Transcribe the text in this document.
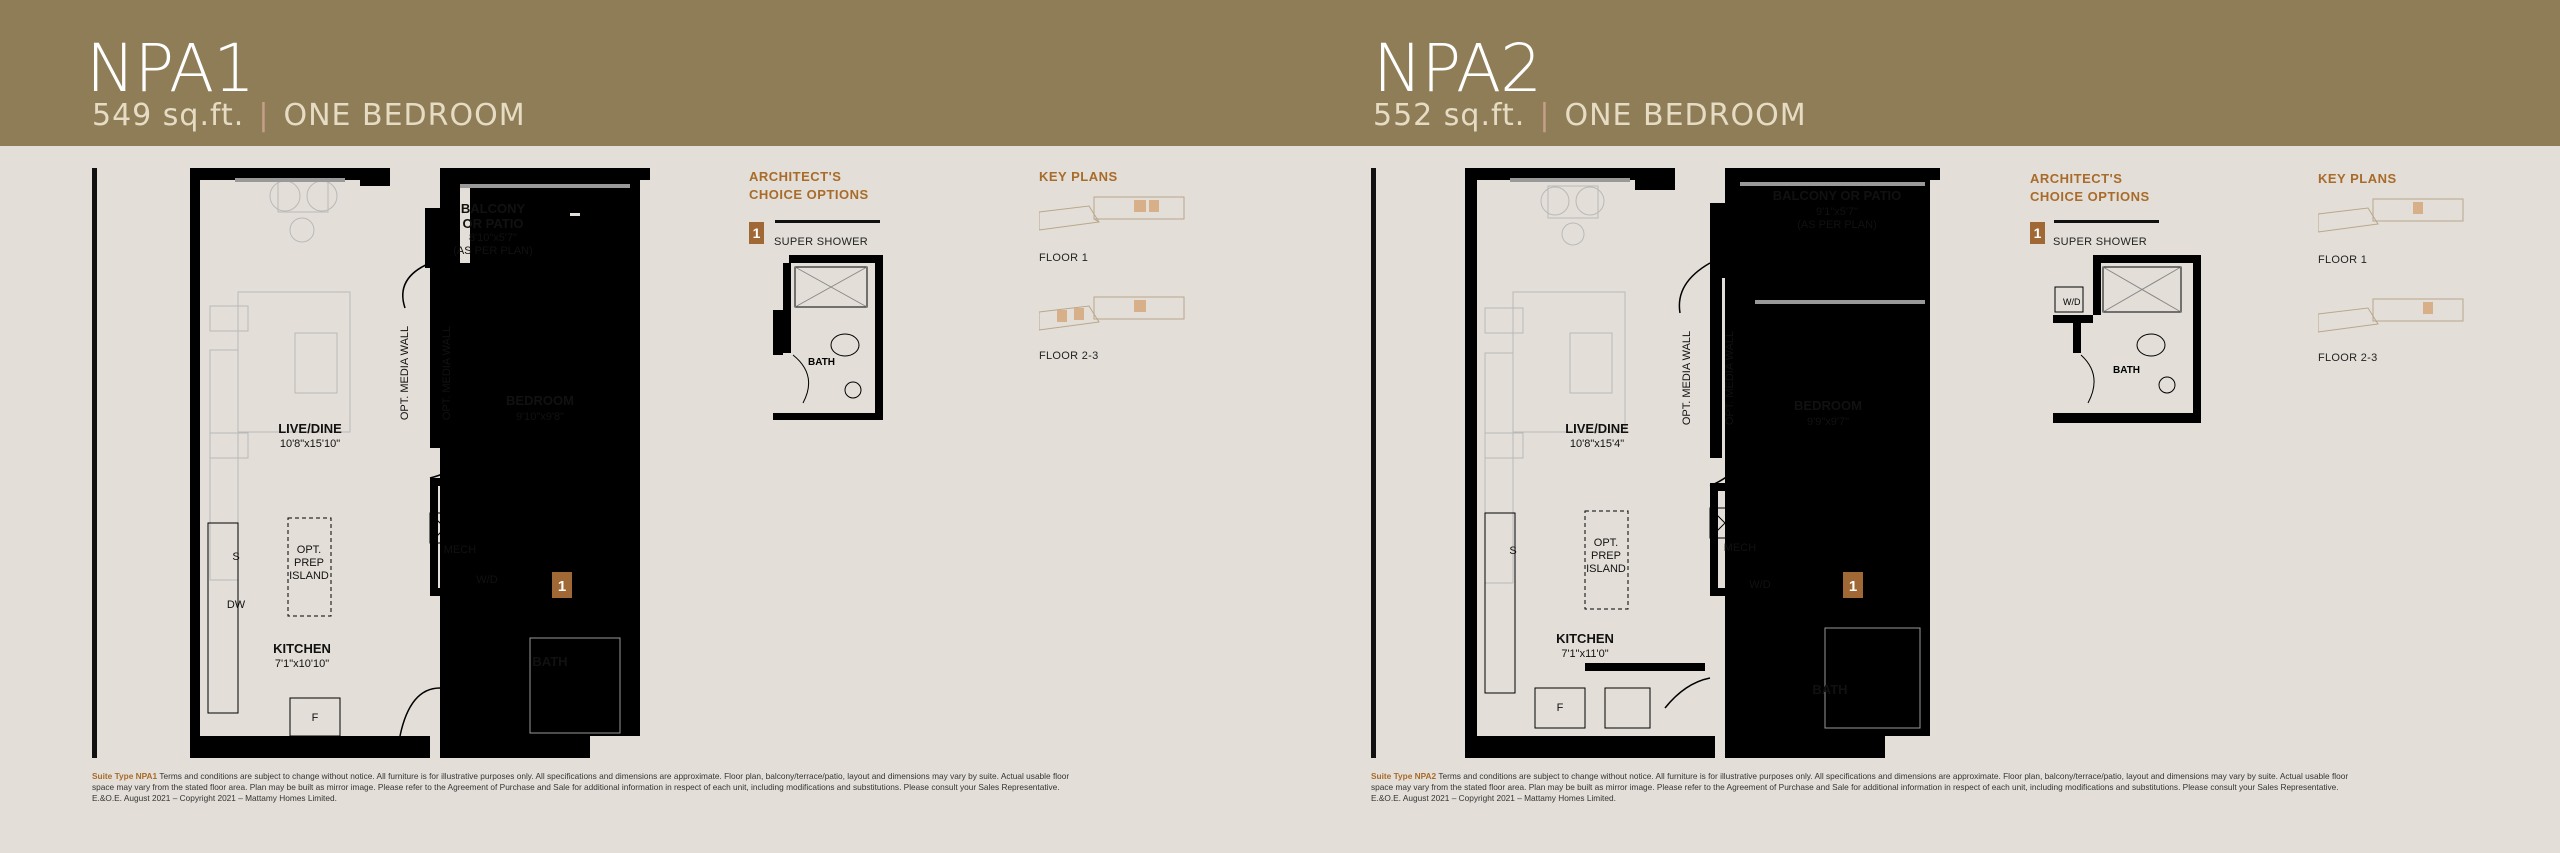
NPA1
549 sq.ft. | ONE BEDROOM
NPA2
552 sq.ft. | ONE BEDROOM
BALCONY
OR PATIO
BEDROOM
LIVE/DINE
KITCHEN
BATH
1
8'10"x5'7"
(AS PER PLAN)
9'10"x9'8"
10'8"x15'10"
7'1"x10'10"
OPT.
PREP
ISLAND
MECH
W/D
S
DW
F
OPT. MEDIA WALL	OPT. MEDIA WALL
BALCONY OR PATIO
BEDROOM
LIVE/DINE
KITCHEN
BATH
1
9'1"x5'7"
(AS PER PLAN)
9'9"x9'7"
10'8"x15'4"
7'1"x11'0"
OPT.
PREP
ISLAND
MECH
W/D
S
F
OPT. MEDIA WALL	OPT. MEDIA WALL
ARCHITECT'S
CHOICE OPTIONS
1
SUPER SHOWER
BATH
KEY PLANS
FLOOR 1
FLOOR 2-3
ARCHITECT'S
CHOICE OPTIONS
1
SUPER SHOWER
W/D
BATH
KEY PLANS
FLOOR 1
FLOOR 2-3
Suite Type NPA1 Terms and conditions are subject to change without notice. All furniture is for illustrative purposes only. All specifications and dimensions are approximate. Floor plan, balcony/terrace/patio, layout and dimensions may vary by suite. Actual usable floor
space may vary from the stated floor area. Plan may be built as mirror image. Please refer to the Agreement of Purchase and Sale for additional information in respect of each unit, including modifications and substitutions. Please consult your Sales Representative.
E.&O.E. August 2021 – Copyright 2021 – Mattamy Homes Limited.
Suite Type NPA2 Terms and conditions are subject to change without notice. All furniture is for illustrative purposes only. All specifications and dimensions are approximate. Floor plan, balcony/terrace/patio, layout and dimensions may vary by suite. Actual usable floor
space may vary from the stated floor area. Plan may be built as mirror image. Please refer to the Agreement of Purchase and Sale for additional information in respect of each unit, including modifications and substitutions. Please consult your Sales Representative.
E.&O.E. August 2021 – Copyright 2021 – Mattamy Homes Limited.
